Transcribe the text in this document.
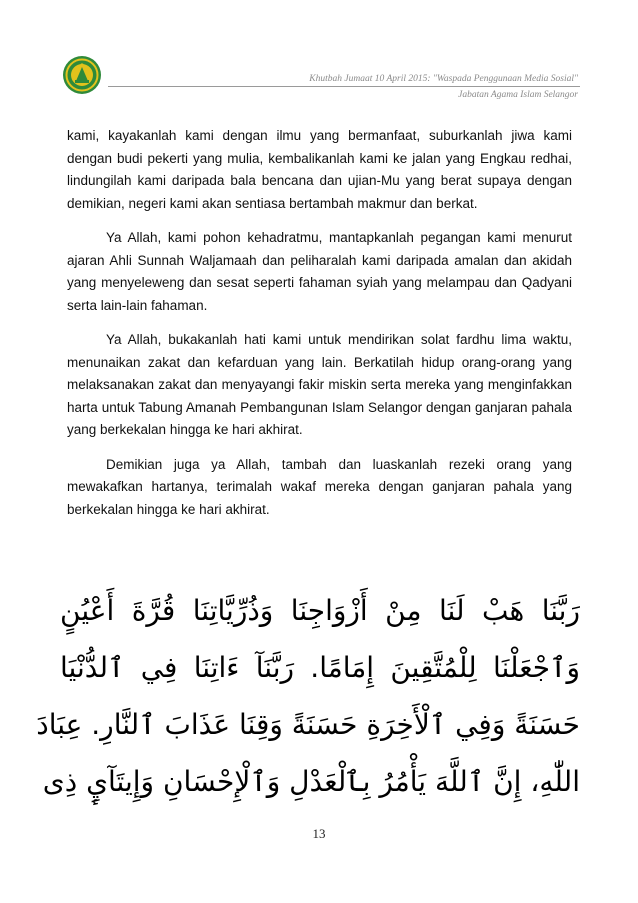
Khutbah Jumaat 10 April 2015: "Waspada Penggunaan Media Sosial"
Jabatan Agama Islam Selangor

kami, kayakanlah kami dengan ilmu yang bermanfaat, suburkanlah jiwa kami dengan budi pekerti yang mulia, kembalikanlah kami ke jalan yang Engkau redhai, lindungilah kami daripada bala bencana dan ujian-Mu yang berat supaya dengan demikian, negeri kami akan sentiasa bertambah makmur dan berkat.

Ya Allah, kami pohon kehadratmu, mantapkanlah pegangan kami menurut ajaran Ahli Sunnah Waljamaah dan peliharalah kami daripada amalan dan akidah yang menyeleweng dan sesat seperti fahaman syiah yang melampau dan Qadyani serta lain-lain fahaman.

Ya Allah, bukakanlah hati kami untuk mendirikan solat fardhu lima waktu, menunaikan zakat dan kefarduan yang lain. Berkatilah hidup orang-orang yang melaksanakan zakat dan menyayangi fakir miskin serta mereka yang menginfakkan harta untuk Tabung Amanah Pembangunan Islam Selangor dengan ganjaran pahala yang berkekalan hingga ke hari akhirat.

Demikian juga ya Allah, tambah dan luaskanlah rezeki orang yang mewakafkan hartanya, terimalah wakaf mereka dengan ganjaran pahala yang berkekalan hingga ke hari akhirat.

رَبَّنَا هَبْ لَنَا مِنْ أَزْوَاجِنَا وَذُرِّيَّاتِنَا قُرَّةَ أَعْيُنٍ
وَٱجْعَلْنَا لِلْمُتَّقِينَ إِمَامًا. رَبَّنَآ ءَاتِنَا فِي ٱلدُّنْيَا
حَسَنَةً وَفِي ٱلْأَخِرَةِ حَسَنَةً وَقِنَا عَذَابَ ٱلنَّارِ. عِبَادَ
اللّٰهِ، إِنَّ ٱللَّهَ يَأْمُرُ بِٱلْعَدْلِ وَٱلْإِحْسَانِ وَإِيتَآيِٕ ذِى
13
